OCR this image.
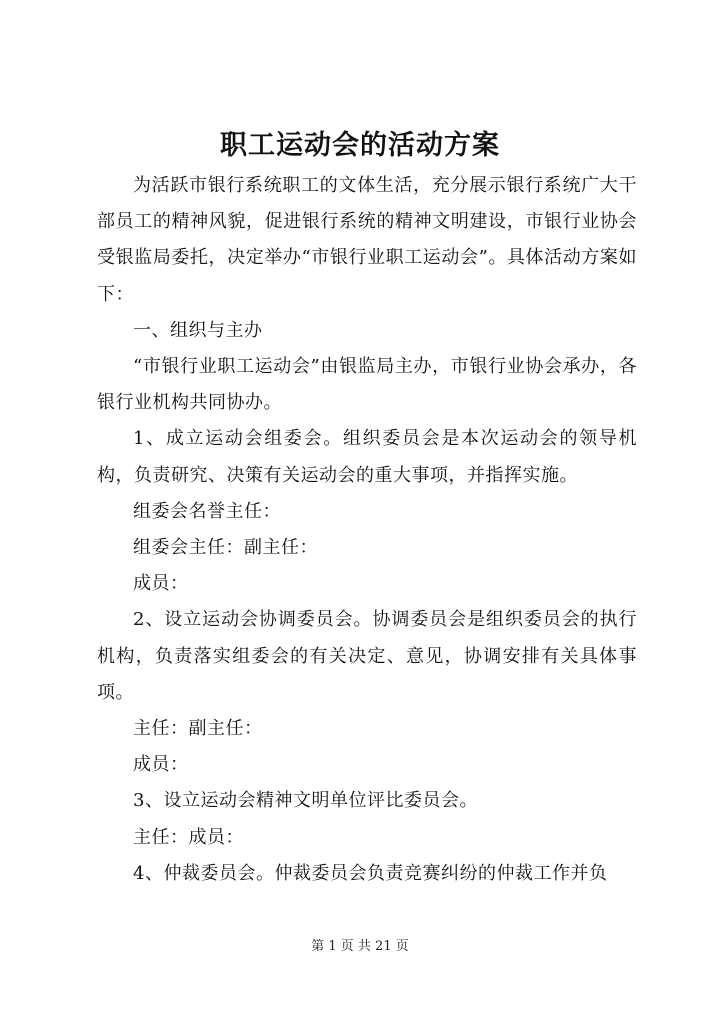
职工运动会的活动方案

为活跃市银行系统职工的文体生活，充分展示银行系统广大干部员工的精神风貌，促进银行系统的精神文明建设，市银行业协会受银监局委托，决定举办“市银行业职工运动会”。具体活动方案如下：

一、组织与主办

“市银行业职工运动会”由银监局主办，市银行业协会承办，各银行业机构共同协办。

1、成立运动会组委会。组织委员会是本次运动会的领导机构，负责研究、决策有关运动会的重大事项，并指挥实施。

组委会名誉主任：

组委会主任：副主任：

成员：

2、设立运动会协调委员会。协调委员会是组织委员会的执行机构，负责落实组委会的有关决定、意见，协调安排有关具体事项。

主任：副主任：

成员：

3、设立运动会精神文明单位评比委员会。

主任：成员：

4、仲裁委员会。仲裁委员会负责竞赛纠纷的仲裁工作并负

第 1 页 共 21 页
